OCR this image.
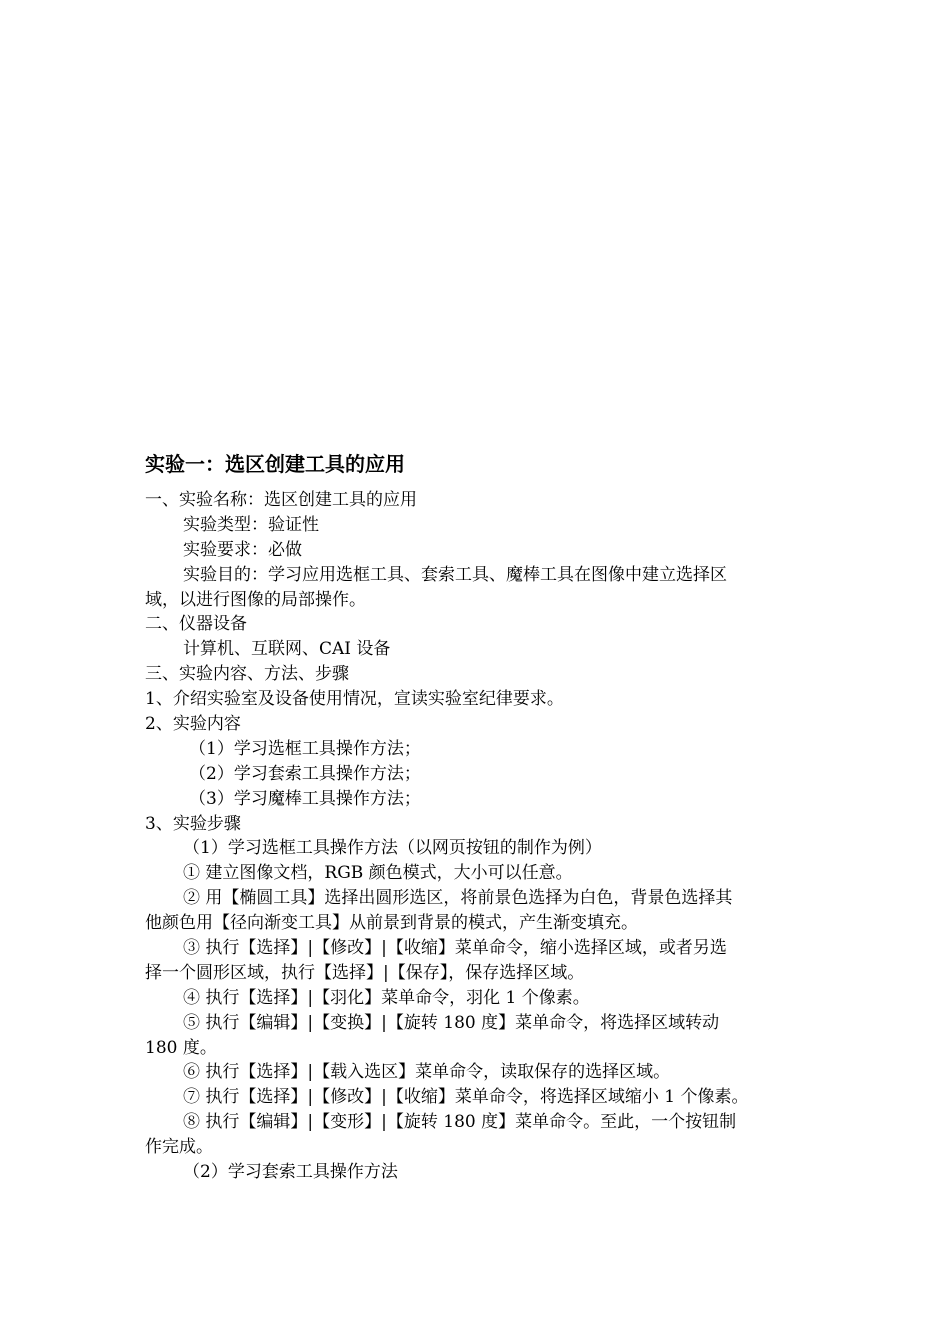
实验一：选区创建工具的应用
一、实验名称：选区创建工具的应用
实验类型：验证性
实验要求：必做
实验目的：学习应用选框工具、套索工具、魔棒工具在图像中建立选择区
域，以进行图像的局部操作。
二、仪器设备
计算机、互联网、CAI 设备
三、实验内容、方法、步骤
1、介绍实验室及设备使用情况，宣读实验室纪律要求。
2、实验内容
（1）学习选框工具操作方法；
（2）学习套索工具操作方法；
（3）学习魔棒工具操作方法；
3、实验步骤
（1）学习选框工具操作方法（以网页按钮的制作为例）
① 建立图像文档，RGB 颜色模式，大小可以任意。
② 用【椭圆工具】选择出圆形选区，将前景色选择为白色，背景色选择其
他颜色用【径向渐变工具】从前景到背景的模式，产生渐变填充。
③ 执行【选择】|【修改】|【收缩】菜单命令，缩小选择区域，或者另选
择一个圆形区域，执行【选择】|【保存】，保存选择区域。
④ 执行【选择】|【羽化】菜单命令，羽化 1 个像素。
⑤ 执行【编辑】|【变换】|【旋转 180 度】菜单命令，将选择区域转动
180 度。
⑥ 执行【选择】|【载入选区】菜单命令，读取保存的选择区域。
⑦ 执行【选择】|【修改】|【收缩】菜单命令，将选择区域缩小 1 个像素。
⑧ 执行【编辑】|【变形】|【旋转 180 度】菜单命令。至此，一个按钮制
作完成。
（2）学习套索工具操作方法
